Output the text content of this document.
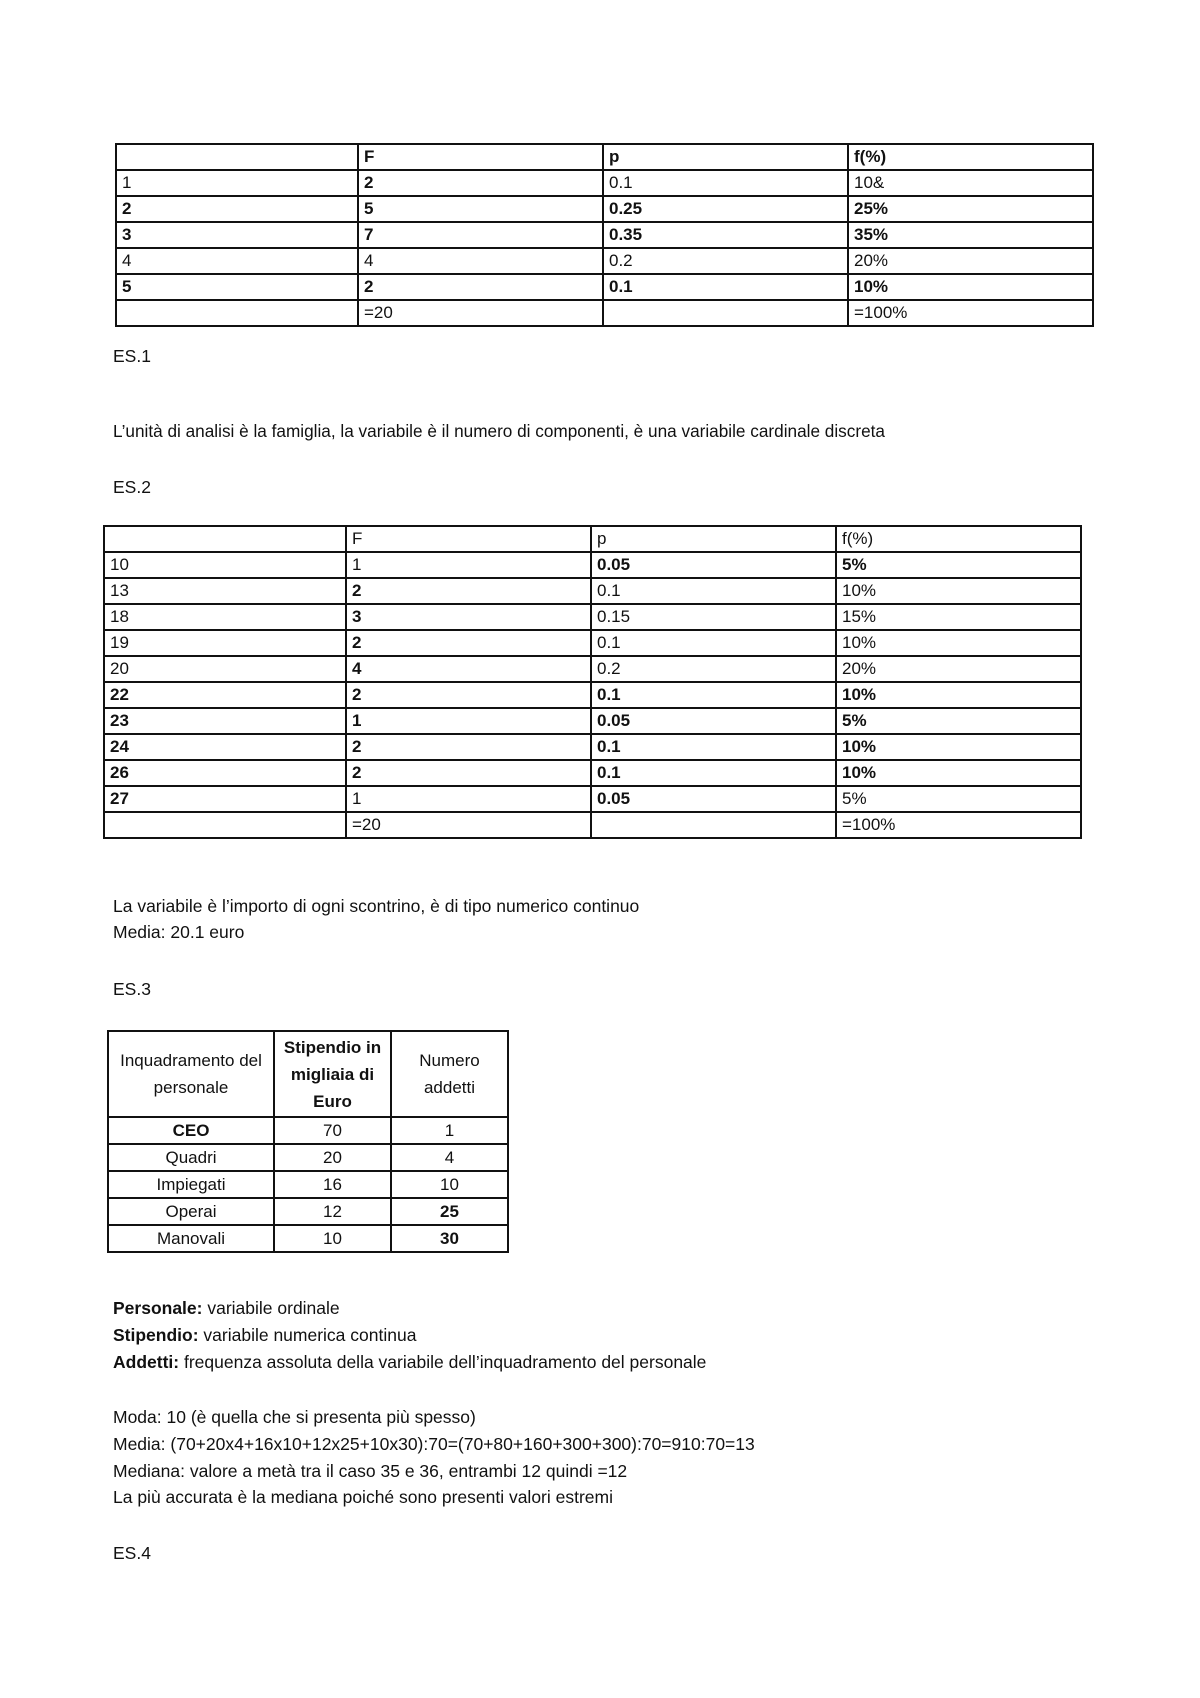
	F	p	f(%)
1	2	0.1	10&
2	5	0.25	25%
3	7	0.35	35%
4	4	0.2	20%
5	2	0.1	10%
	=20		=100%
ES.1
L’unità di analisi è la famiglia, la variabile è il numero di componenti, è una variabile cardinale discreta
ES.2
	F	p	f(%)
10	1	0.05	5%
13	2	0.1	10%
18	3	0.15	15%
19	2	0.1	10%
20	4	0.2	20%
22	2	0.1	10%
23	1	0.05	5%
24	2	0.1	10%
26	2	0.1	10%
27	1	0.05	5%
	=20		=100%
La variabile è l’importo di ogni scontrino, è di tipo numerico continuo
Media: 20.1 euro
ES.3
Inquadramento del personale	Stipendio in migliaia di Euro	Numero addetti
CEO	70	1
Quadri	20	4
Impiegati	16	10
Operai	12	25
Manovali	10	30
Personale: variabile ordinale
Stipendio: variabile numerica continua
Addetti: frequenza assoluta della variabile dell’inquadramento del personale
Moda: 10 (è quella che si presenta più spesso)
Media: (70+20x4+16x10+12x25+10x30):70=(70+80+160+300+300):70=910:70=13
Mediana: valore a metà tra il caso 35 e 36, entrambi 12 quindi =12
La più accurata è la mediana poiché sono presenti valori estremi
ES.4
